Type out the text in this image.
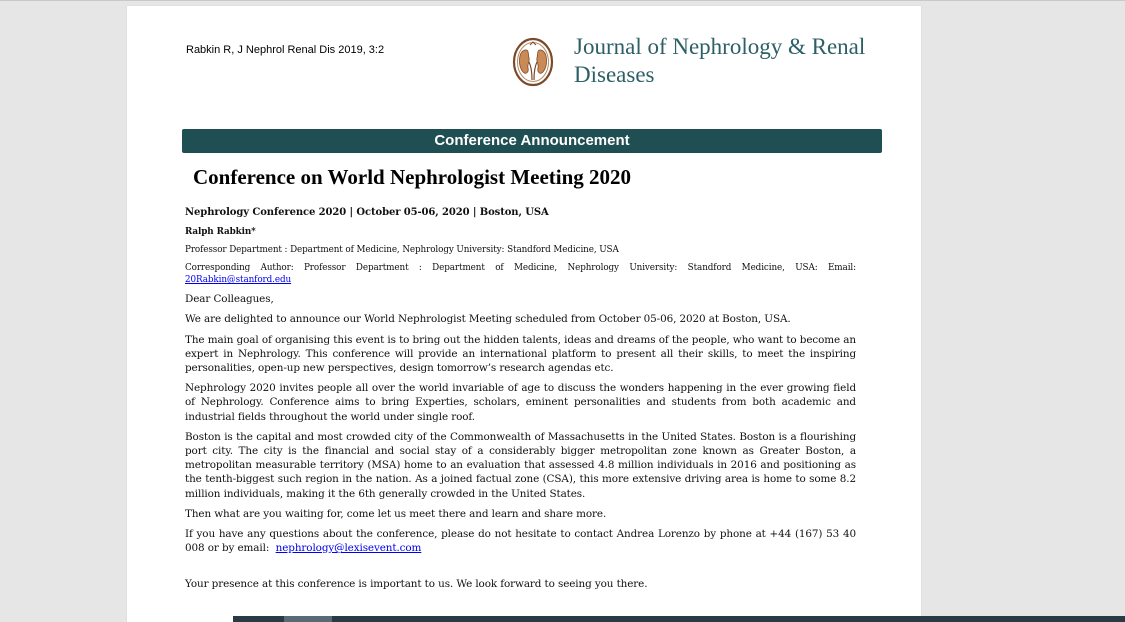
Rabkin R, J Nephrol Renal Dis 2019, 3:2	Journal of Nephrology & Renal Diseases
Conference Announcement
Conference on World Nephrologist Meeting 2020

Nephrology Conference 2020 | October 05-06, 2020 | Boston, USA

Ralph Rabkin*

Professor Department : Department of Medicine, Nephrology University: Standford Medicine, USA

Corresponding Author: Professor Department : Department of Medicine, Nephrology University: Standford Medicine, USA: Email: 20Rabkin@stanford.edu

Dear Colleagues,

We are delighted to announce our World Nephrologist Meeting scheduled from October 05-06, 2020 at Boston, USA.

The main goal of organising this event is to bring out the hidden talents, ideas and dreams of the people, who want to become an expert in Nephrology. This conference will provide an international platform to present all their skills, to meet the inspiring personalities, open-up new perspectives, design tomorrow’s research agendas etc.

Nephrology 2020 invites people all over the world invariable of age to discuss the wonders happening in the ever growing field of Nephrology. Conference aims to bring Experties, scholars, eminent personalities and students from both academic and industrial fields throughout the world under single roof.

Boston is the capital and most crowded city of the Commonwealth of Massachusetts in the United States. Boston is a flourishing port city. The city is the financial and social stay of a considerably bigger metropolitan zone known as Greater Boston, a metropolitan measurable territory (MSA) home to an evaluation that assessed 4.8 million individuals in 2016 and positioning as the tenth-biggest such region in the nation. As a joined factual zone (CSA), this more extensive driving area is home to some 8.2 million individuals, making it the 6th generally crowded in the United States.

Then what are you waiting for, come let us meet there and learn and share more.

If you have any questions about the conference, please do not hesitate to contact Andrea Lorenzo by phone at +44 (167) 53 40 008 or by email: nephrology@lexisevent.com

Your presence at this conference is important to us. We look forward to seeing you there.
